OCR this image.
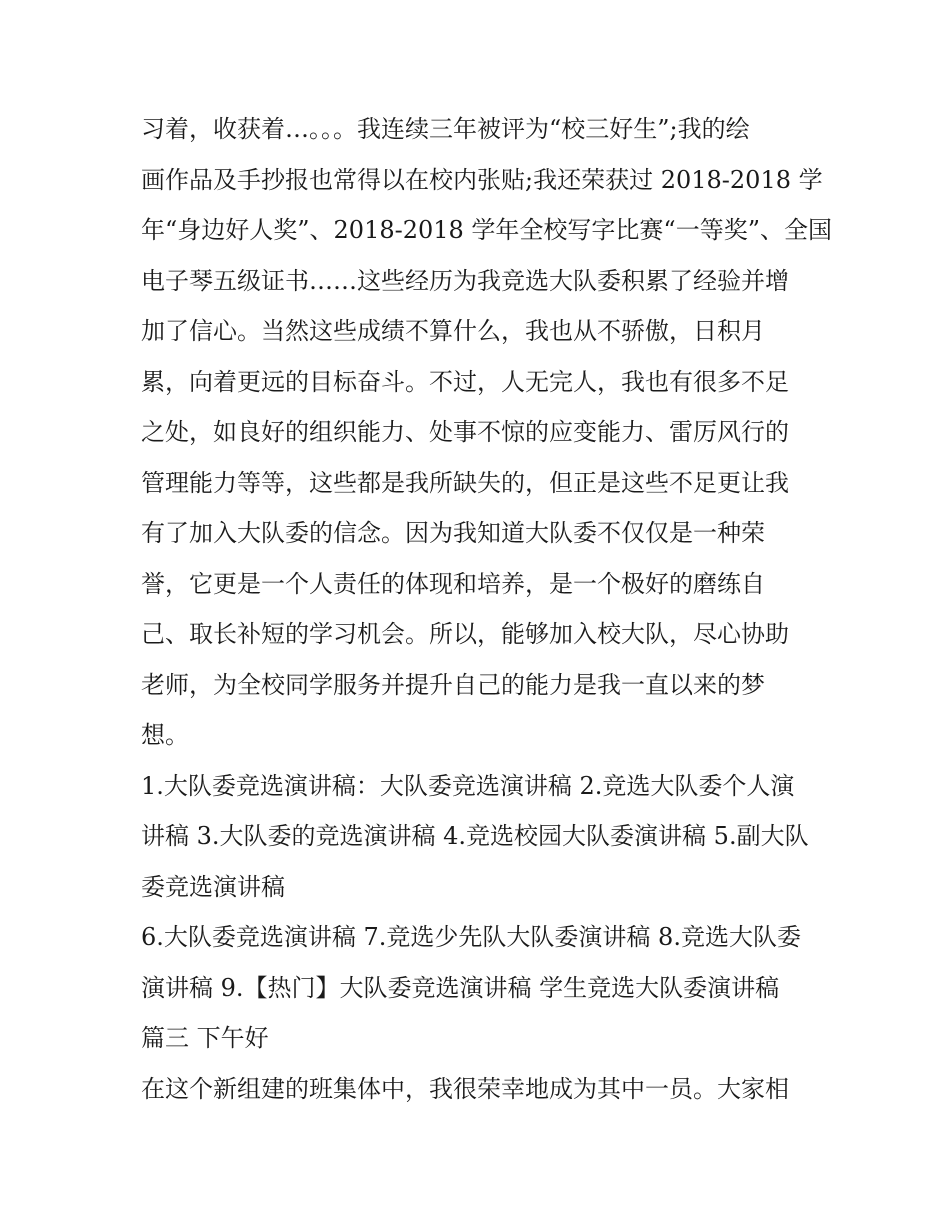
习着，收获着…。。。我连续三年被评为“校三好生”;我的绘
画作品及手抄报也常得以在校内张贴;我还荣获过 2018-2018 学
年“身边好人奖”、2018-2018 学年全校写字比赛“一等奖”、全国
电子琴五级证书……这些经历为我竞选大队委积累了经验并增
加了信心。当然这些成绩不算什么，我也从不骄傲，日积月
累，向着更远的目标奋斗。不过，人无完人，我也有很多不足
之处，如良好的组织能力、处事不惊的应变能力、雷厉风行的
管理能力等等，这些都是我所缺失的，但正是这些不足更让我
有了加入大队委的信念。因为我知道大队委不仅仅是一种荣
誉，它更是一个人责任的体现和培养，是一个极好的磨练自
己、取长补短的学习机会。所以，能够加入校大队，尽心协助
老师，为全校同学服务并提升自己的能力是我一直以来的梦
想。
1.大队委竞选演讲稿：大队委竞选演讲稿 2.竞选大队委个人演
讲稿 3.大队委的竞选演讲稿 4.竞选校园大队委演讲稿 5.副大队
委竞选演讲稿
6.大队委竞选演讲稿 7.竞选少先队大队委演讲稿 8.竞选大队委
演讲稿 9.【热门】大队委竞选演讲稿 学生竞选大队委演讲稿
篇三 下午好
在这个新组建的班集体中，我很荣幸地成为其中一员。大家相
